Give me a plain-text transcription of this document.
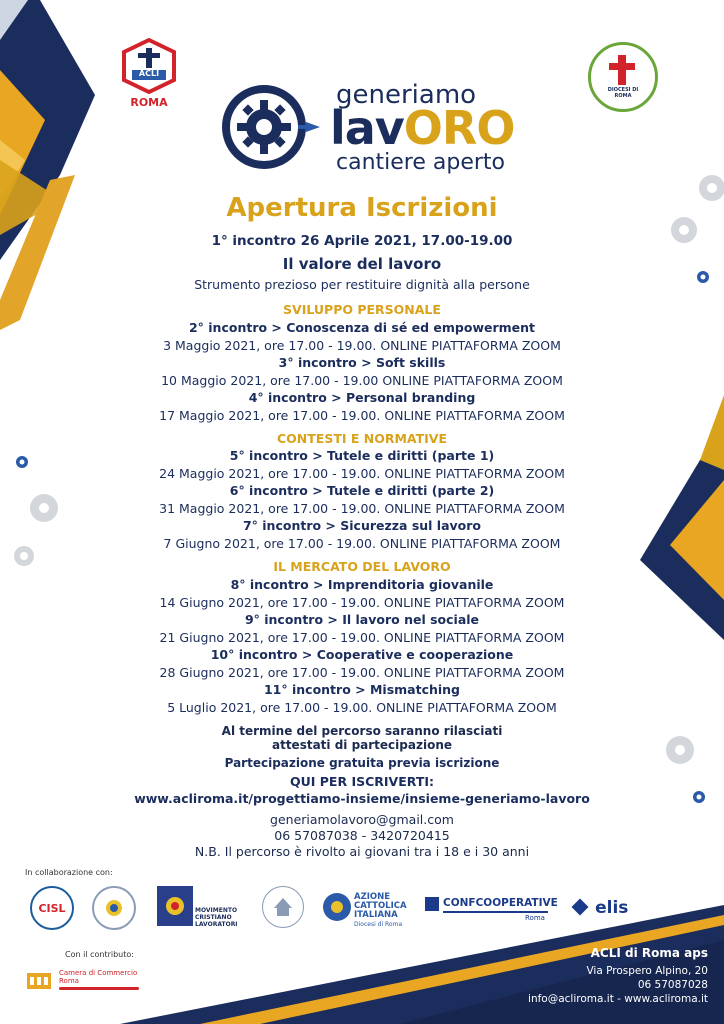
ACLI
ROMA
DIOCESI DI ROMA
generiamo
lavORO
cantiere aperto
Apertura Iscrizioni
1° incontro 26 Aprile 2021, 17.00-19.00
Il valore del lavoro
Strumento prezioso per restituire dignità alla persone
SVILUPPO PERSONALE
2° incontro > Conoscenza di sé ed empowerment
3 Maggio 2021, ore 17.00 - 19.00. ONLINE PIATTAFORMA ZOOM
3° incontro > Soft skills
10 Maggio 2021, ore 17.00 - 19.00 ONLINE PIATTAFORMA ZOOM
4° incontro > Personal branding
17 Maggio 2021, ore 17.00 - 19.00. ONLINE PIATTAFORMA ZOOM
CONTESTI E NORMATIVE
5° incontro > Tutele e diritti (parte 1)
24 Maggio 2021, ore 17.00 - 19.00. ONLINE PIATTAFORMA ZOOM
6° incontro > Tutele e diritti (parte 2)
31 Maggio 2021, ore 17.00 - 19.00. ONLINE PIATTAFORMA ZOOM
7° incontro > Sicurezza sul lavoro
7 Giugno 2021, ore 17.00 - 19.00. ONLINE PIATTAFORMA ZOOM
IL MERCATO DEL LAVORO
8° incontro > Imprenditoria giovanile
14 Giugno 2021, ore 17.00 - 19.00. ONLINE PIATTAFORMA ZOOM
9° incontro > Il lavoro nel sociale
21 Giugno 2021, ore 17.00 - 19.00. ONLINE PIATTAFORMA ZOOM
10° incontro > Cooperative e cooperazione
28 Giugno 2021, ore 17.00 - 19.00. ONLINE PIATTAFORMA ZOOM
11° incontro > Mismatching
5 Luglio 2021, ore 17.00 - 19.00. ONLINE PIATTAFORMA ZOOM
Al termine del percorso saranno rilasciati
attestati di partecipazione
Partecipazione gratuita previa iscrizione
QUI PER ISCRIVERTI:
www.acliroma.it/progettiamo-insieme/insieme-generiamo-lavoro
generiamolavoro@gmail.com
06 57087038 - 3420720415
N.B. Il percorso è rivolto ai giovani tra i 18 e i 30 anni
In collaborazione con:
CISL	MOVIMENTO CRISTIANO LAVORATORI
AZIONE
CATTOLICA
ITALIANA
Diocesi di Roma
CONFCOOPERATIVE
Roma	elis
Con il contributo:
Camera di Commercio
Roma
ACLI di Roma aps
Via Prospero Alpino, 20
06 57087028
info@acliroma.it - www.acliroma.it
